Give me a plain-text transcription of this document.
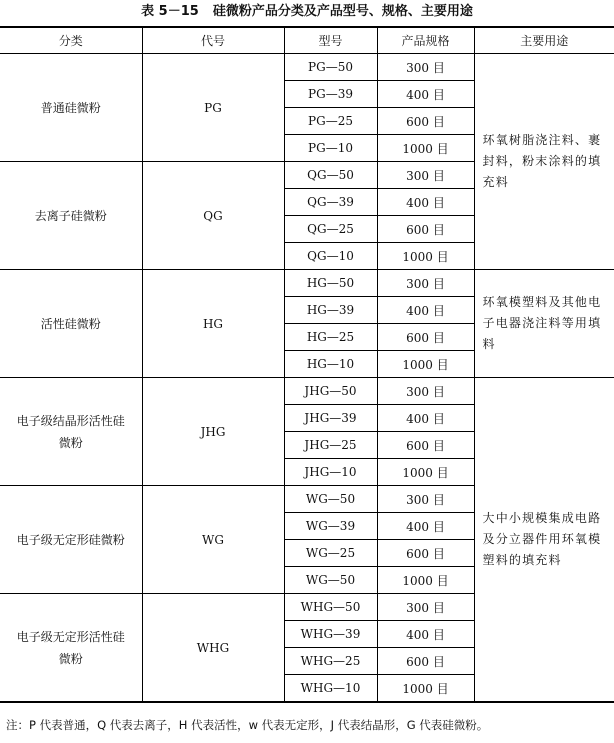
表 5－15 硅微粉产品分类及产品型号、规格、主要用途
分类	代号	型号	产品规格	主要用途
普通硅微粉	PG	PG—50	300 目	环氧树脂浇注料、裹封料，粉末涂料的填充料
		PG—39	400 目	
		PG—25	600 目	
		PG—10	1000 目	
去离子硅微粉	QG	QG—50	300 目	
		QG—39	400 目	
		QG—25	600 目	
		QG—10	1000 目	
活性硅微粉	HG	HG—50	300 目	环氧模塑料及其他电子电器浇注料等用填料
		HG—39	400 目	
		HG—25	600 目	
		HG—10	1000 目	
电子级结晶形活性硅微粉	JHG	JHG—50	300 目	大中小规模集成电路及分立器件用环氧模塑料的填充料
		JHG—39	400 目	
		JHG—25	600 目	
		JHG—10	1000 目	
电子级无定形硅微粉	WG	WG—50	300 目	
		WG—39	400 目	
		WG—25	600 目	
		WG—50	1000 目	
电子级无定形活性硅微粉	WHG	WHG—50	300 目	
		WHG—39	400 目	
		WHG—25	600 目	
		WHG—10	1000 目	
注：P 代表普通，Q 代表去离子，H 代表活性，w 代表无定形，J 代表结晶形，G 代表硅微粉。
